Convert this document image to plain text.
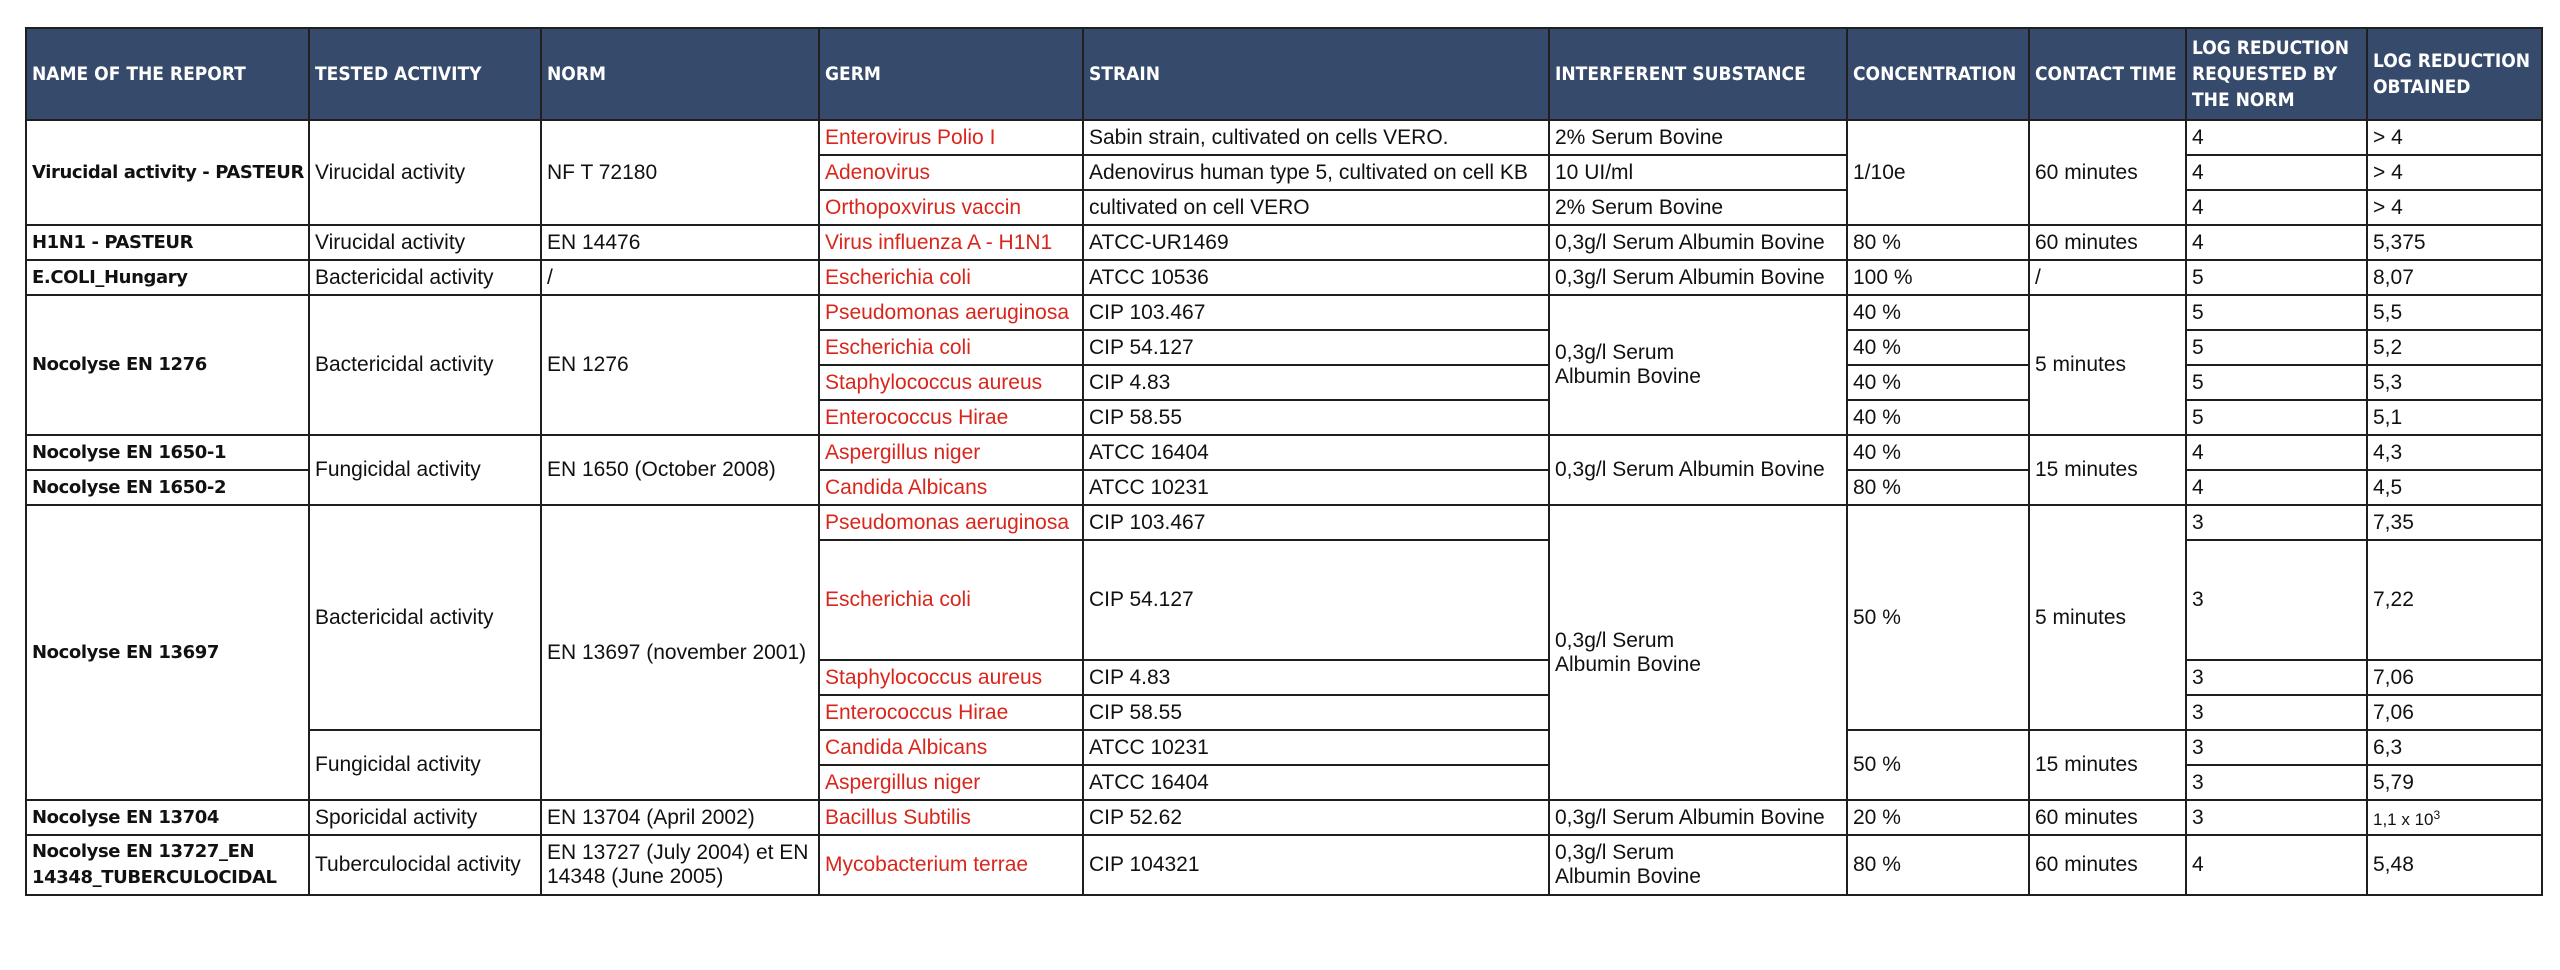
NAME OF THE REPORT	TESTED ACTIVITY	NORM	GERM	STRAIN	INTERFERENT SUBSTANCE	CONCENTRATION	CONTACT TIME	LOG REDUCTION REQUESTED BY THE NORM	LOG REDUCTION OBTAINED
Virucidal activity - PASTEUR	Virucidal activity	NF T 72180	Enterovirus Polio I	Sabin strain, cultivated on cells VERO.	2% Serum Bovine	1/10e	60 minutes	4	> 4
			Adenovirus	Adenovirus human type 5, cultivated on cell KB	10 UI/ml			4	> 4
			Orthopoxvirus vaccin	cultivated on cell VERO	2% Serum Bovine			4	> 4
H1N1 - PASTEUR	Virucidal activity	EN 14476	Virus influenza A - H1N1	ATCC-UR1469	0,3g/l Serum Albumin Bovine	80 %	60 minutes	4	5,375
E.COLI_Hungary	Bactericidal activity	/	Escherichia coli	ATCC 10536	0,3g/l Serum Albumin Bovine	100 %	/	5	8,07
Nocolyse EN 1276	Bactericidal activity	EN 1276	Pseudomonas aeruginosa	CIP 103.467	0,3g/l Serum Albumin Bovine	40 %	5 minutes	5	5,5
			Escherichia coli	CIP 54.127		40 %		5	5,2
			Staphylococcus aureus	CIP 4.83		40 %		5	5,3
			Enterococcus Hirae	CIP 58.55		40 %		5	5,1
Nocolyse EN 1650-1	Fungicidal activity	EN 1650 (October 2008)	Aspergillus niger	ATCC 16404	0,3g/l Serum Albumin Bovine	40 %	15 minutes	4	4,3
Nocolyse EN 1650-2			Candida Albicans	ATCC 10231		80 %		4	4,5
Nocolyse EN 13697	Bactericidal activity	EN 13697 (november 2001)	Pseudomonas aeruginosa	CIP 103.467	0,3g/l Serum Albumin Bovine	50 %	5 minutes	3	7,35
			Escherichia coli	CIP 54.127				3	7,22
			Staphylococcus aureus	CIP 4.83				3	7,06
			Enterococcus Hirae	CIP 58.55				3	7,06
	Fungicidal activity		Candida Albicans	ATCC 10231		50 %	15 minutes	3	6,3
			Aspergillus niger	ATCC 16404				3	5,79
Nocolyse EN 13704	Sporicidal activity	EN 13704 (April 2002)	Bacillus Subtilis	CIP 52.62	0,3g/l Serum Albumin Bovine	20 %	60 minutes	3	1,1 x $10^3$
Nocolyse EN 13727_EN 14348_TUBERCULOCIDAL	Tuberculocidal activity	EN 13727 (July 2004) et EN 14348 (June 2005)	Mycobacterium terrae	CIP 104321	0,3g/l Serum Albumin Bovine	80 %	60 minutes	4	5,48
